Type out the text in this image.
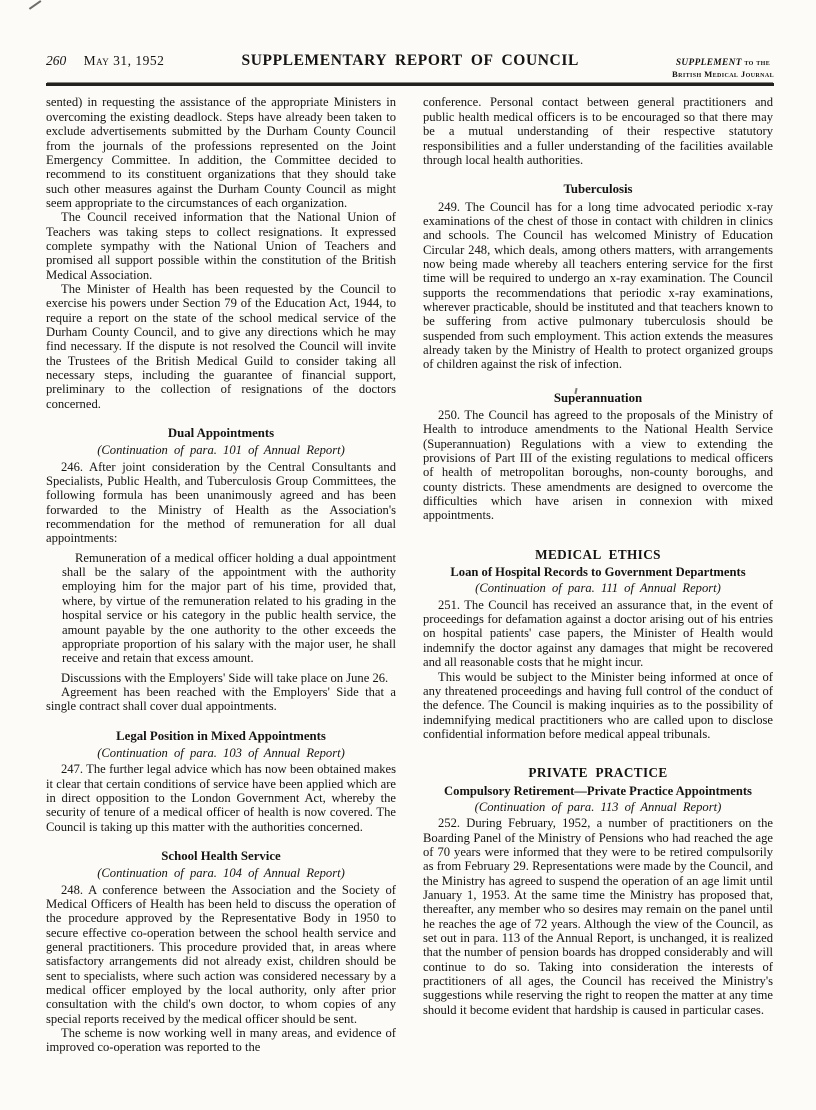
260 May 31, 1952	SUPPLEMENTARY REPORT OF COUNCIL	SUPPLEMENT to the
British Medical Journal

sented) in requesting the assistance of the appropriate Ministers in overcoming the existing deadlock. Steps have already been taken to exclude advertisements submitted by the Durham County Council from the journals of the professions represented on the Joint Emergency Committee. In addition, the Committee decided to recommend to its constituent organizations that they should take such other measures against the Durham County Council as might seem appropriate to the circumstances of each organization.

The Council received information that the National Union of Teachers was taking steps to collect resignations. It expressed complete sympathy with the National Union of Teachers and promised all support possible within the constitution of the British Medical Association.

The Minister of Health has been requested by the Council to exercise his powers under Section 79 of the Education Act, 1944, to require a report on the state of the school medical service of the Durham County Council, and to give any directions which he may find necessary. If the dispute is not resolved the Council will invite the Trustees of the British Medical Guild to consider taking all necessary steps, including the guarantee of financial support, preliminary to the collection of resignations of the doctors concerned.

Dual Appointments
(Continuation of para. 101 of Annual Report)

246. After joint consideration by the Central Consultants and Specialists, Public Health, and Tuberculosis Group Committees, the following formula has been unanimously agreed and has been forwarded to the Ministry of Health as the Association's recommendation for the method of remuneration for all dual appointments:

Remuneration of a medical officer holding a dual appointment shall be the salary of the appointment with the authority employing him for the major part of his time, provided that, where, by virtue of the remuneration related to his grading in the hospital service or his category in the public health service, the amount payable by the one authority to the other exceeds the appropriate proportion of his salary with the major user, he shall receive and retain that excess amount.

Discussions with the Employers' Side will take place on June 26.

Agreement has been reached with the Employers' Side that a single contract shall cover dual appointments.

Legal Position in Mixed Appointments
(Continuation of para. 103 of Annual Report)

247. The further legal advice which has now been obtained makes it clear that certain conditions of service have been applied which are in direct opposition to the London Government Act, whereby the security of tenure of a medical officer of health is now covered. The Council is taking up this matter with the authorities concerned.

School Health Service
(Continuation of para. 104 of Annual Report)

248. A conference between the Association and the Society of Medical Officers of Health has been held to discuss the operation of the procedure approved by the Representative Body in 1950 to secure effective co-operation between the school health service and general practitioners. This procedure provided that, in areas where satisfactory arrangements did not already exist, children should be sent to specialists, where such action was considered necessary by a medical officer employed by the local authority, only after prior consultation with the child's own doctor, to whom copies of any special reports received by the medical officer should be sent.

The scheme is now working well in many areas, and evidence of improved co-operation was reported to the

conference. Personal contact between general practitioners and public health medical officers is to be encouraged so that there may be a mutual understanding of their respective statutory responsibilities and a fuller understanding of the facilities available through local health authorities.

Tuberculosis

249. The Council has for a long time advocated periodic x-ray examinations of the chest of those in contact with children in clinics and schools. The Council has welcomed Ministry of Education Circular 248, which deals, among others matters, with arrangements now being made whereby all teachers entering service for the first time will be required to undergo an x-ray examination. The Council supports the recommendations that periodic x-ray examinations, wherever practicable, should be instituted and that teachers known to be suffering from active pulmonary tuberculosis should be suspended from such employment. This action extends the measures already taken by the Ministry of Health to protect organized groups of children against the risk of infection.

Superannuation

250. The Council has agreed to the proposals of the Ministry of Health to introduce amendments to the National Health Service (Superannuation) Regulations with a view to extending the provisions of Part III of the existing regulations to medical officers of health of metropolitan boroughs, non-county boroughs, and county districts. These amendments are designed to overcome the difficulties which have arisen in connexion with mixed appointments.

MEDICAL ETHICS
Loan of Hospital Records to Government Departments
(Continuation of para. 111 of Annual Report)

251. The Council has received an assurance that, in the event of proceedings for defamation against a doctor arising out of his entries on hospital patients' case papers, the Minister of Health would indemnify the doctor against any damages that might be recovered and all reasonable costs that he might incur.

This would be subject to the Minister being informed at once of any threatened proceedings and having full control of the conduct of the defence. The Council is making inquiries as to the possibility of indemnifying medical practitioners who are called upon to disclose confidential information before medical appeal tribunals.

PRIVATE PRACTICE
Compulsory Retirement—Private Practice Appointments
(Continuation of para. 113 of Annual Report)

252. During February, 1952, a number of practitioners on the Boarding Panel of the Ministry of Pensions who had reached the age of 70 years were informed that they were to be retired compulsorily as from February 29. Representations were made by the Council, and the Ministry has agreed to suspend the operation of an age limit until January 1, 1953. At the same time the Ministry has proposed that, thereafter, any member who so desires may remain on the panel until he reaches the age of 72 years. Although the view of the Council, as set out in para. 113 of the Annual Report, is unchanged, it is realized that the number of pension boards has dropped considerably and will continue to do so. Taking into consideration the interests of practitioners of all ages, the Council has received the Ministry's suggestions while reserving the right to reopen the matter at any time should it become evident that hardship is caused in particular cases.
